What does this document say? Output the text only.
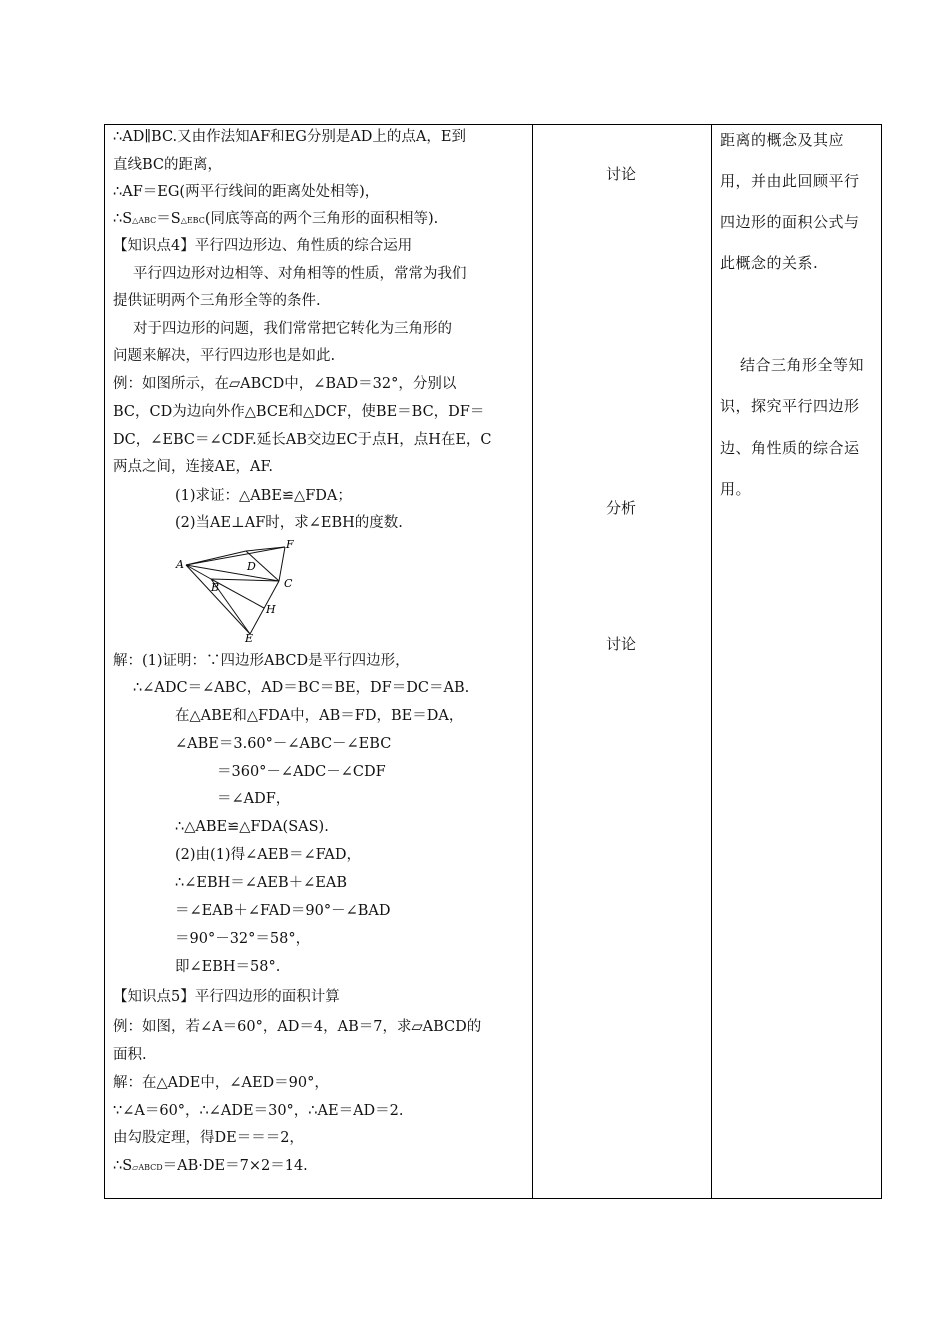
∴AD∥BC.又由作法知AF和EG分别是AD上的点A，E到
直线BC的距离，
∴AF＝EG(两平行线间的距离处处相等)，
∴S△ABC＝S△EBC(同底等高的两个三角形的面积相等).
【知识点4】平行四边形边、角性质的综合运用
平行四边形对边相等、对角相等的性质，常常为我们
提供证明两个三角形全等的条件.
对于四边形的问题，我们常常把它转化为三角形的
问题来解决，平行四边形也是如此.
例：如图所示，在▱ABCD中，∠BAD＝32°，分别以
BC，CD为边向外作△BCE和△DCF，使BE＝BC，DF＝
DC，∠EBC＝∠CDF.延长AB交边EC于点H，点H在E，C
两点之间，连接AE，AF.
(1)求证：△ABE≌△FDA；
(2)当AE⊥AF时，求∠EBH的度数.
A
B	C
D
E
F
H
解：(1)证明：∵四边形ABCD是平行四边形，
∴∠ADC＝∠ABC，AD＝BC＝BE，DF＝DC＝AB.
在△ABE和△FDA中，AB＝FD，BE＝DA，
∠ABE＝3.60°－∠ABC－∠EBC
＝360°－∠ADC－∠CDF
＝∠ADF，
∴△ABE≌△FDA(SAS).
(2)由(1)得∠AEB＝∠FAD，
∴∠EBH＝∠AEB＋∠EAB
＝∠EAB＋∠FAD＝90°－∠BAD
＝90°－32°＝58°，
即∠EBH＝58°.
【知识点5】平行四边形的面积计算
例：如图，若∠A＝60°，AD＝4，AB＝7，求▱ABCD的
面积.
解：在△ADE中，∠AED＝90°，
∵∠A＝60°，∴∠ADE＝30°，∴AE＝AD＝2.
由勾股定理，得DE＝＝＝2，
∴S▱ABCD＝AB·DE＝7×2＝14.
讨论
分析
讨论
距离的概念及其应
用，并由此回顾平行
四边形的面积公式与
此概念的关系.
结合三角形全等知
识，探究平行四边形
边、角性质的综合运
用。
